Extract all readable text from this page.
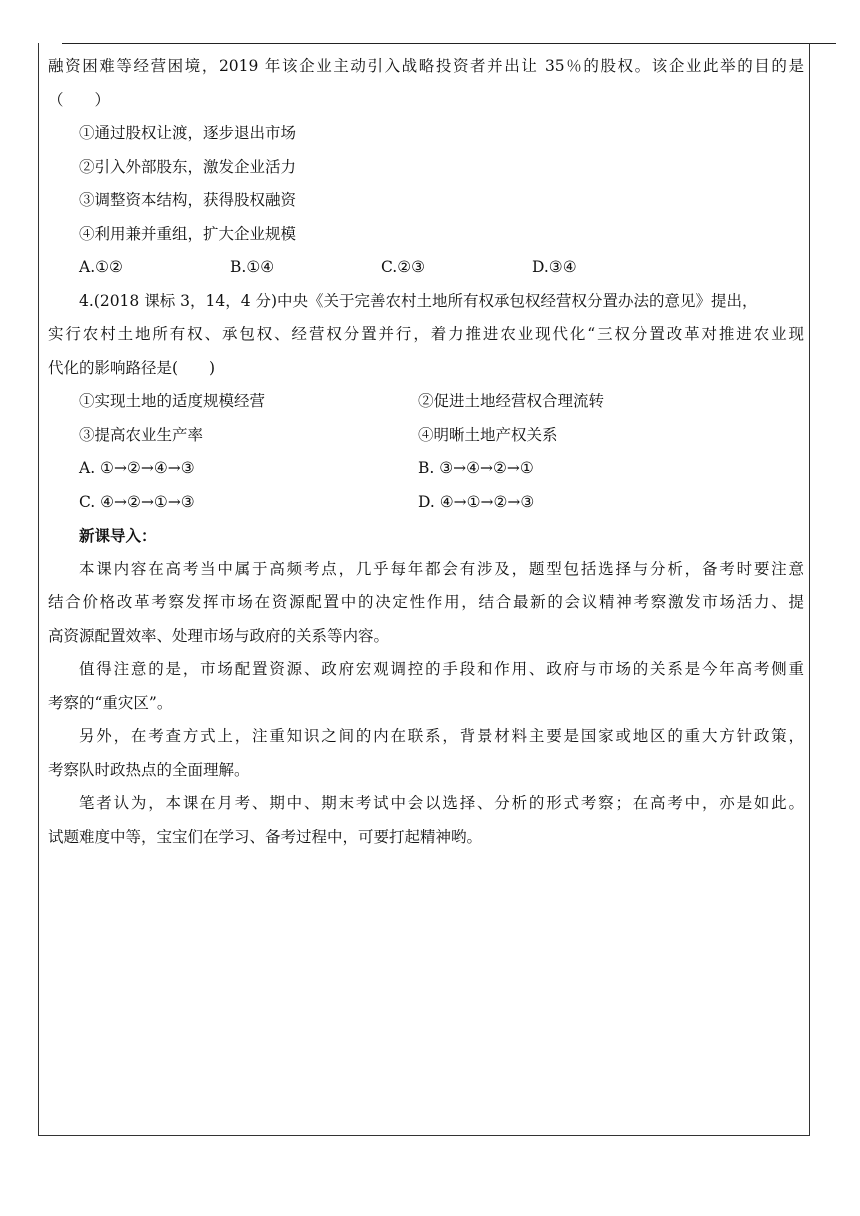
融资困难等经营困境，2019 年该企业主动引入战略投资者并出让 35％的股权。该企业此举的目的是
（　　）
①通过股权让渡，逐步退出市场
②引入外部股东，激发企业活力
③调整资本结构，获得股权融资
④利用兼并重组，扩大企业规模
A.①②	B.①④	C.②③	D.③④
4.(2018 课标 3，14，4 分)中央《关于完善农村土地所有权承包权经营权分置办法的意见》提出，
实行农村土地所有权、承包权、经营权分置并行，着力推进农业现代化“三权分置改革对推进农业现
代化的影响路径是(　　)
①实现土地的适度规模经营	②促进土地经营权合理流转
③提高农业生产率	④明晰土地产权关系
A. ①→②→④→③	B. ③→④→②→①
C. ④→②→①→③	D. ④→①→②→③
新课导入：
本课内容在高考当中属于高频考点，几乎每年都会有涉及，题型包括选择与分析，备考时要注意
结合价格改革考察发挥市场在资源配置中的决定性作用，结合最新的会议精神考察激发市场活力、提
高资源配置效率、处理市场与政府的关系等内容。
值得注意的是，市场配置资源、政府宏观调控的手段和作用、政府与市场的关系是今年高考侧重
考察的“重灾区”。
另外，在考查方式上，注重知识之间的内在联系，背景材料主要是国家或地区的重大方针政策，
考察队时政热点的全面理解。
笔者认为，本课在月考、期中、期末考试中会以选择、分析的形式考察；在高考中，亦是如此。
试题难度中等，宝宝们在学习、备考过程中，可要打起精神哟。
